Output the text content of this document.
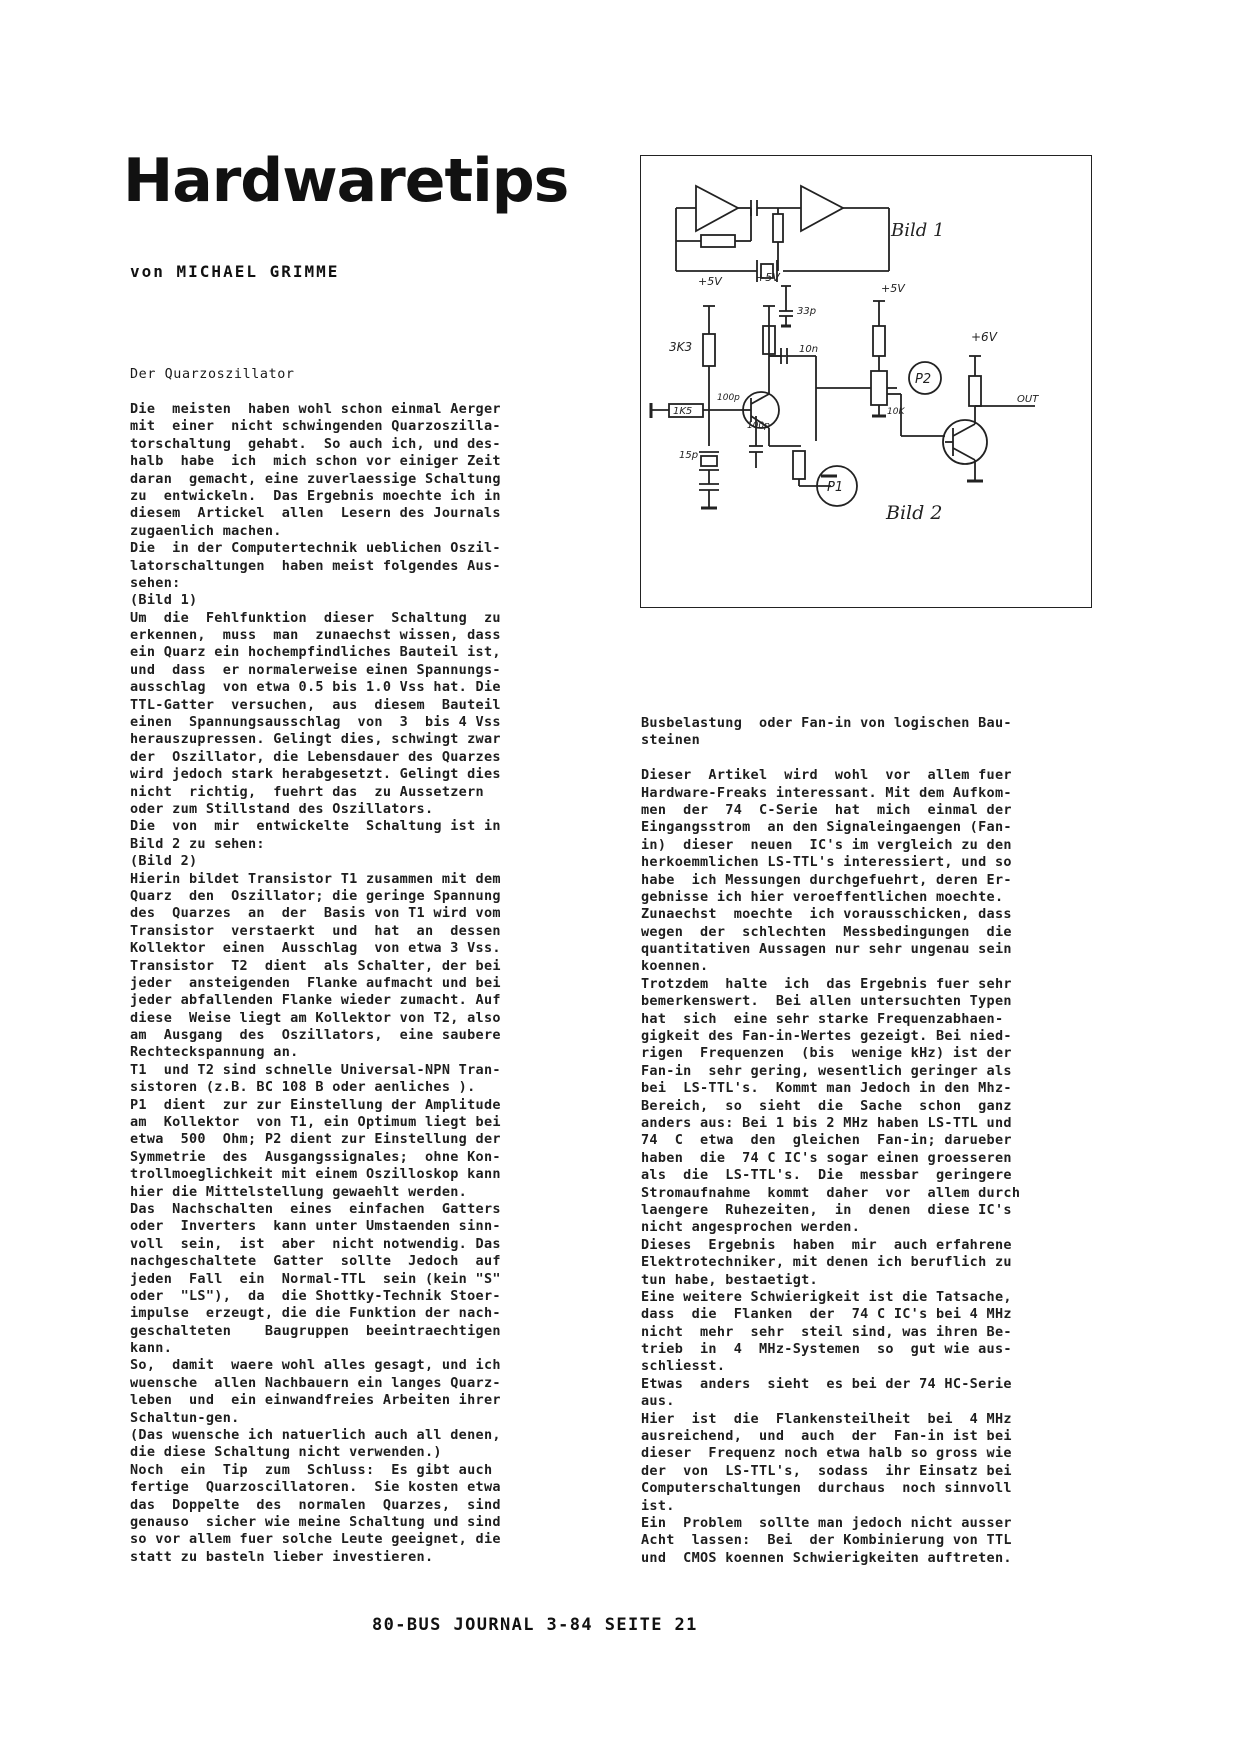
Hardwaretips
von MICHAEL GRIMME
Der Quarzoszillator
Die  meisten  haben wohl schon einmal Aerger
mit  einer  nicht schwingenden Quarzoszilla-
torschaltung  gehabt.  So auch ich, und des-
halb  habe  ich  mich schon vor einiger Zeit
daran  gemacht, eine zuverlaessige Schaltung
zu  entwickeln.  Das Ergebnis moechte ich in
diesem  Artickel  allen  Lesern des Journals
zugaenlich machen.
Die  in der Computertechnik ueblichen Oszil-
latorschaltungen  haben meist folgendes Aus-
sehen:
(Bild 1)
Um  die  Fehlfunktion  dieser  Schaltung  zu
erkennen,  muss  man  zunaechst wissen, dass
ein Quarz ein hochempfindliches Bauteil ist,
und  dass  er normalerweise einen Spannungs-
ausschlag  von etwa 0.5 bis 1.0 Vss hat. Die
TTL-Gatter  versuchen,  aus  diesem  Bauteil
einen  Spannungsausschlag  von  3  bis 4 Vss
herauszupressen. Gelingt dies, schwingt zwar
der  Oszillator, die Lebensdauer des Quarzes
wird jedoch stark herabgesetzt. Gelingt dies
nicht  richtig,  fuehrt das  zu Aussetzern
oder zum Stillstand des Oszillators.
Die  von  mir  entwickelte  Schaltung ist in
Bild 2 zu sehen:
(Bild 2)
Hierin bildet Transistor T1 zusammen mit dem
Quarz  den  Oszillator; die geringe Spannung
des  Quarzes  an  der  Basis von T1 wird vom
Transistor  verstaerkt  und  hat  an  dessen
Kollektor  einen  Ausschlag  von etwa 3 Vss.
Transistor  T2  dient  als Schalter, der bei
jeder  ansteigenden  Flanke aufmacht und bei
jeder abfallenden Flanke wieder zumacht. Auf
diese  Weise liegt am Kollektor von T2, also
am  Ausgang  des  Oszillators,  eine saubere
Rechteckspannung an.
T1  und T2 sind schnelle Universal-NPN Tran-
sistoren (z.B. BC 108 B oder aenliches ).
P1  dient  zur zur Einstellung der Amplitude
am  Kollektor  von T1, ein Optimum liegt bei
etwa  500  Ohm; P2 dient zur Einstellung der
Symmetrie  des  Ausgangssignales;  ohne Kon-
trollmoeglichkeit mit einem Oszilloskop kann
hier die Mittelstellung gewaehlt werden.
Das  Nachschalten  eines  einfachen  Gatters
oder  Inverters  kann unter Umstaenden sinn-
voll  sein,  ist  aber  nicht notwendig. Das
nachgeschaltete  Gatter  sollte  Jedoch  auf
jeden  Fall  ein  Normal-TTL  sein (kein "S"
oder  "LS"),  da  die Shottky-Technik Stoer-
impulse  erzeugt, die die Funktion der nach-
geschalteten    Baugruppen  beeintraechtigen
kann.
So,  damit  waere wohl alles gesagt, und ich
wuensche  allen Nachbauern ein langes Quarz-
leben  und  ein einwandfreies Arbeiten ihrer
Schaltun-gen.
(Das wuensche ich natuerlich auch all denen,
die diese Schaltung nicht verwenden.)
Noch  ein  Tip  zum  Schluss:  Es gibt auch
fertige  Quarzoscillatoren.  Sie kosten etwa
das  Doppelte  des  normalen  Quarzes,  sind
genauso  sicher wie meine Schaltung und sind
so vor allem fuer solche Leute geeignet, die
statt zu basteln lieber investieren.
Bild 1
Bild 2
+5V	+5V
+5V
+6V
3K3
1K5
33p
10n
100p
100p
15p
10K
P1
P2
OUT
Busbelastung  oder Fan-in von logischen Bau-
steinen
Dieser  Artikel  wird  wohl  vor  allem fuer
Hardware-Freaks interessant. Mit dem Aufkom-
men  der  74  C-Serie  hat  mich  einmal der
Eingangsstrom  an den Signaleingaengen (Fan-
in)  dieser  neuen  IC's im vergleich zu den
herkoemmlichen LS-TTL's interessiert, und so
habe  ich Messungen durchgefuehrt, deren Er-
gebnisse ich hier veroeffentlichen moechte.
Zunaechst  moechte  ich vorausschicken, dass
wegen  der  schlechten  Messbedingungen  die
quantitativen Aussagen nur sehr ungenau sein
koennen.
Trotzdem  halte  ich  das Ergebnis fuer sehr
bemerkenswert.  Bei allen untersuchten Typen
hat  sich  eine sehr starke Frequenzabhaen-
gigkeit des Fan-in-Wertes gezeigt. Bei nied-
rigen  Frequenzen  (bis  wenige kHz) ist der
Fan-in  sehr gering, wesentlich geringer als
bei  LS-TTL's.  Kommt man Jedoch in den Mhz-
Bereich,  so  sieht  die  Sache  schon  ganz
anders aus: Bei 1 bis 2 MHz haben LS-TTL und
74  C  etwa  den  gleichen  Fan-in; darueber
haben  die  74 C IC's sogar einen groesseren
als  die  LS-TTL's.  Die  messbar  geringere
Stromaufnahme  kommt  daher  vor  allem durch
laengere  Ruhezeiten,  in  denen  diese IC's
nicht angesprochen werden.
Dieses  Ergebnis  haben  mir  auch erfahrene
Elektrotechniker, mit denen ich beruflich zu
tun habe, bestaetigt.
Eine weitere Schwierigkeit ist die Tatsache,
dass  die  Flanken  der  74 C IC's bei 4 MHz
nicht  mehr  sehr  steil sind, was ihren Be-
trieb  in  4  MHz-Systemen  so  gut wie aus-
schliesst.
Etwas  anders  sieht  es bei der 74 HC-Serie
aus.
Hier  ist  die  Flankensteilheit  bei  4 MHz
ausreichend,  und  auch  der  Fan-in ist bei
dieser  Frequenz noch etwa halb so gross wie
der  von  LS-TTL's,  sodass  ihr Einsatz bei
Computerschaltungen  durchaus  noch sinnvoll
ist.
Ein  Problem  sollte man jedoch nicht ausser
Acht  lassen:  Bei  der Kombinierung von TTL
und  CMOS koennen Schwierigkeiten auftreten.
80-BUS JOURNAL 3-84 SEITE 21
